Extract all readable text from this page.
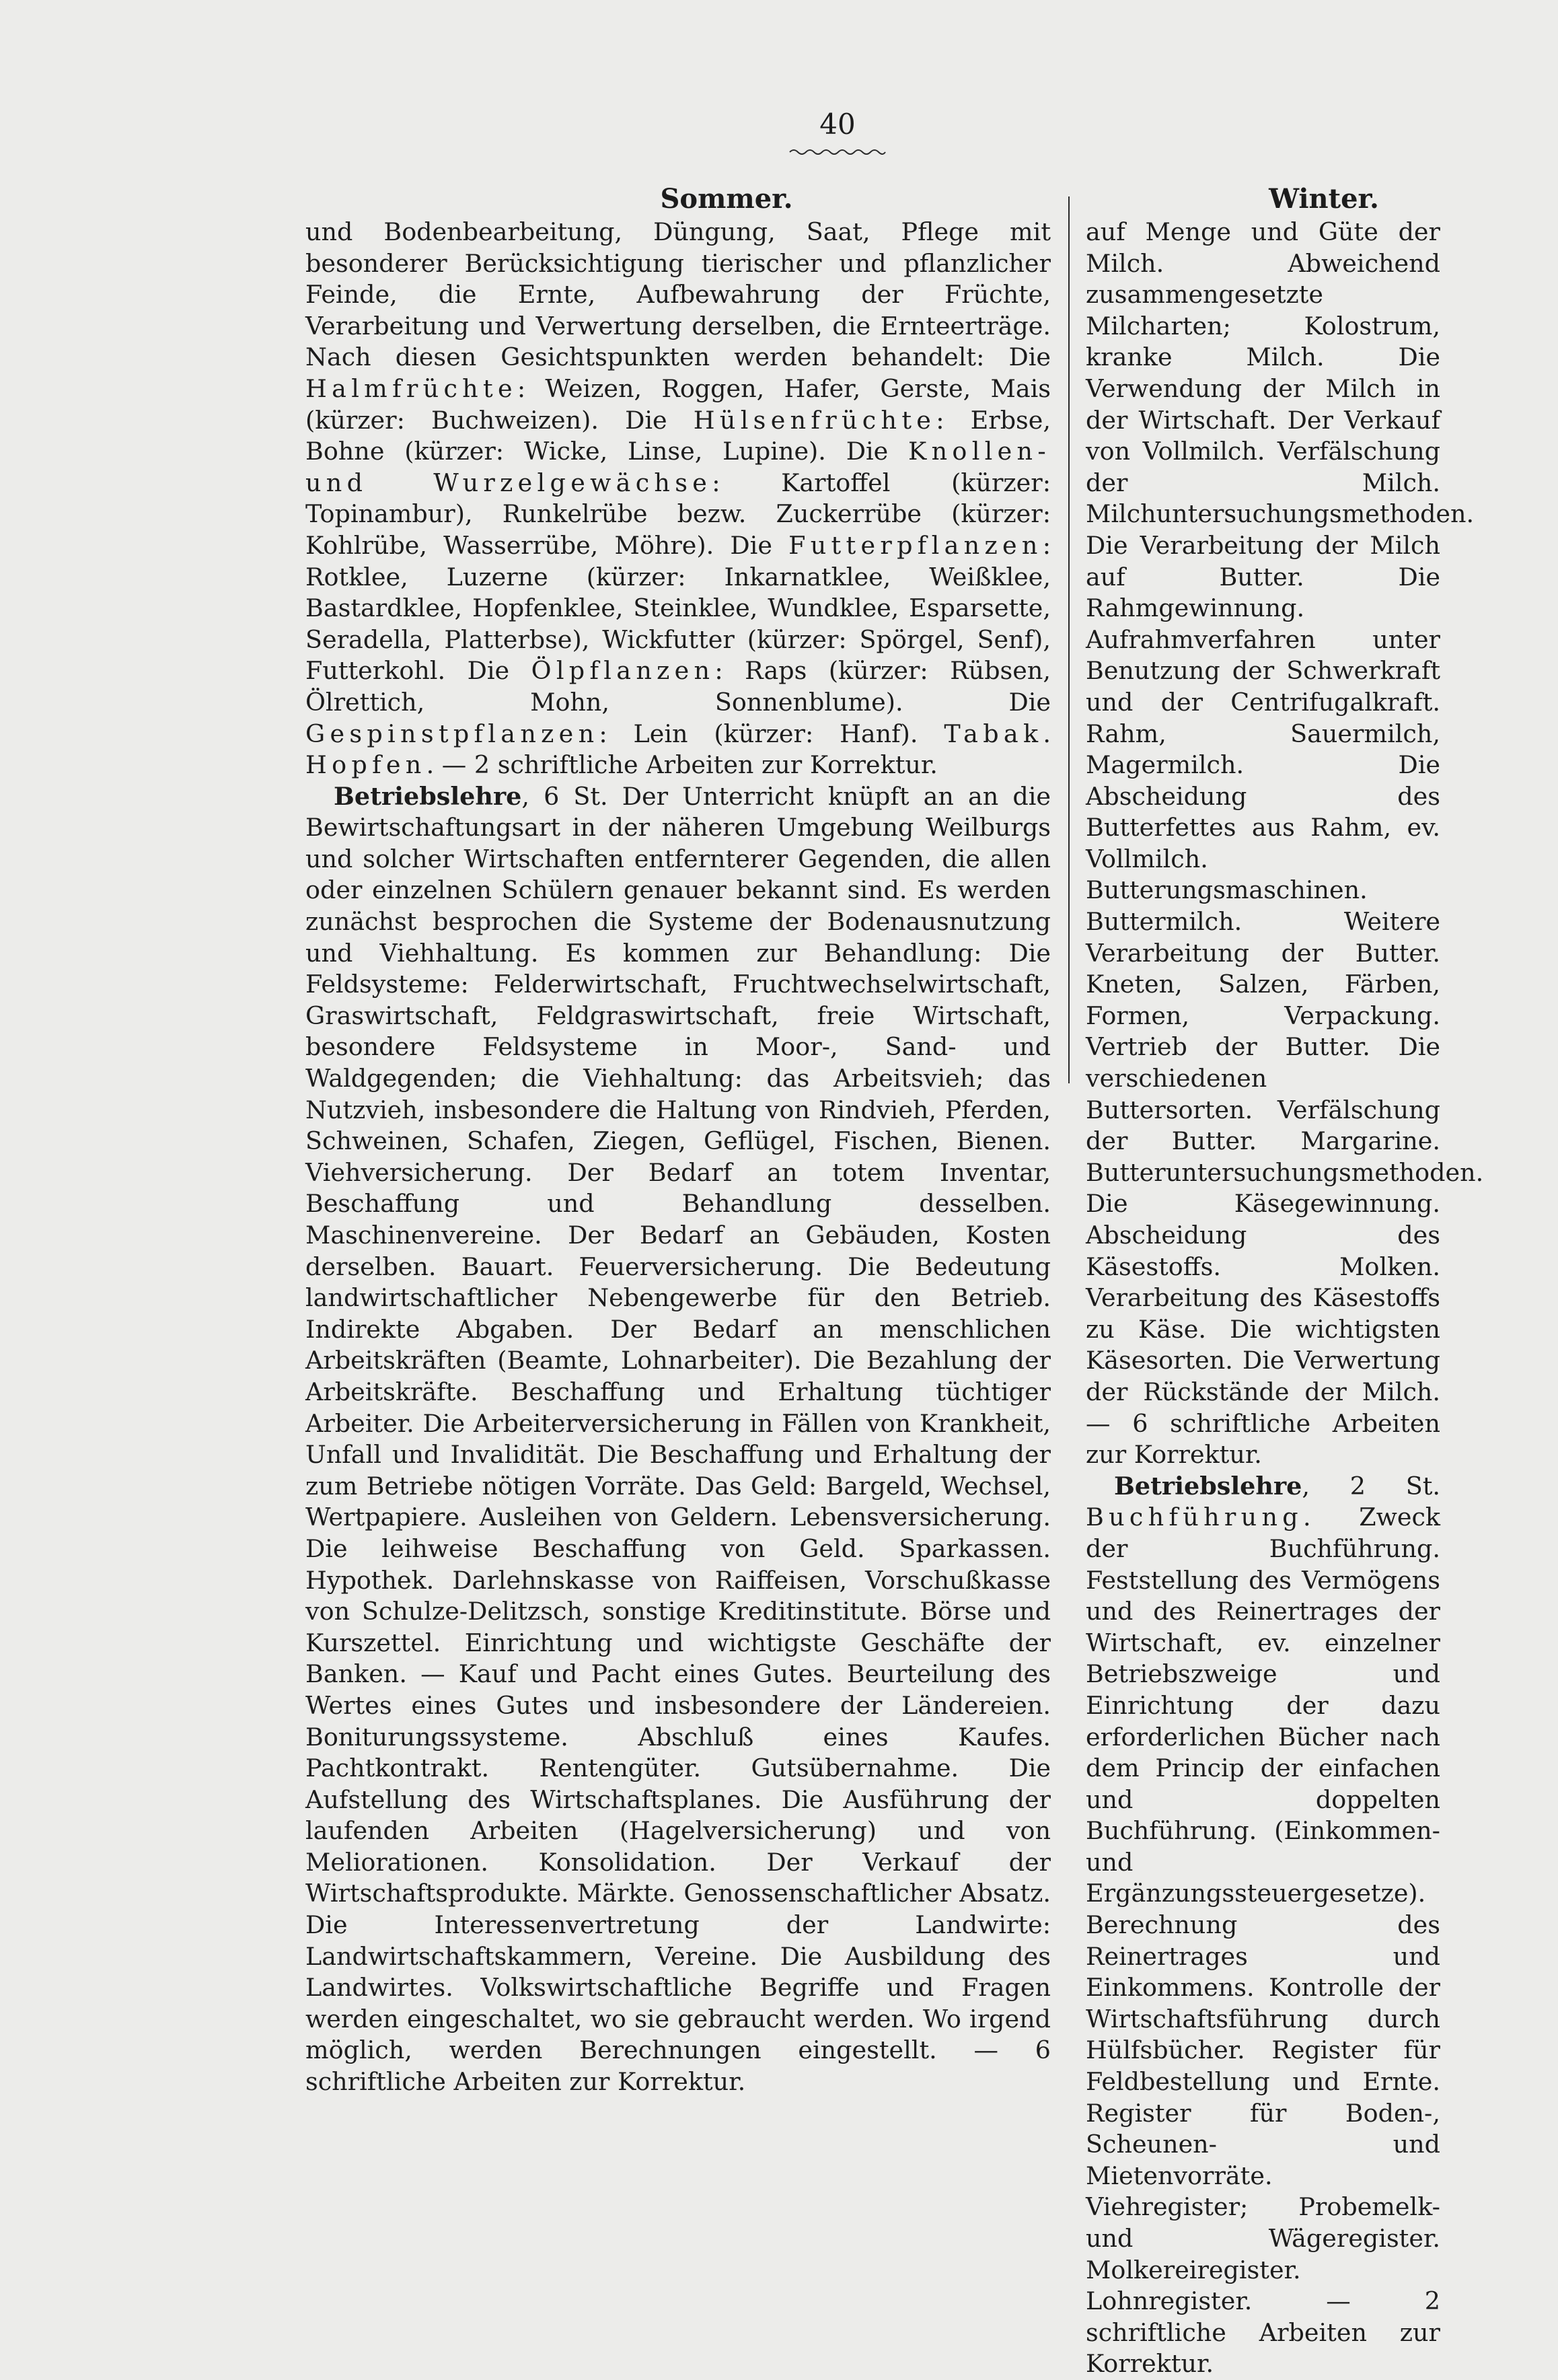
40
Sommer.	Winter.

und Bodenbearbeitung, Düngung, Saat, Pflege mit besonderer Berücksichtigung tierischer und pflanzlicher Feinde, die Ernte, Aufbewahrung der Früchte, Verarbeitung und Verwertung derselben, die Ernteerträge. Nach diesen Gesichtspunkten werden behandelt: Die Halmfrüchte: Weizen, Roggen, Hafer, Gerste, Mais (kürzer: Buchweizen). Die Hülsenfrüchte: Erbse, Bohne (kürzer: Wicke, Linse, Lupine). Die Knollen- und Wurzelgewächse: Kartoffel (kürzer: Topinambur), Runkelrübe bezw. Zuckerrübe (kürzer: Kohlrübe, Wasserrübe, Möhre). Die Futterpflanzen: Rotklee, Luzerne (kürzer: Inkarnatklee, Weißklee, Bastardklee, Hopfenklee, Steinklee, Wundklee, Esparsette, Seradella, Platterbse), Wickfutter (kürzer: Spörgel, Senf), Futterkohl. Die Ölpflanzen: Raps (kürzer: Rübsen, Ölrettich, Mohn, Sonnenblume). Die Gespinstpflanzen: Lein (kürzer: Hanf). Tabak. Hopfen. — 2 schriftliche Arbeiten zur Korrektur.

Betriebslehre, 6 St. Der Unterricht knüpft an an die Bewirtschaftungsart in der näheren Umgebung Weilburgs und solcher Wirtschaften entfernterer Gegenden, die allen oder einzelnen Schülern genauer bekannt sind. Es werden zunächst besprochen die Systeme der Bodenausnutzung und Viehhaltung. Es kommen zur Behandlung: Die Feldsysteme: Felderwirtschaft, Fruchtwechselwirtschaft, Graswirtschaft, Feldgraswirtschaft, freie Wirtschaft, besondere Feldsysteme in Moor-, Sand- und Waldgegenden; die Viehhaltung: das Arbeitsvieh; das Nutzvieh, insbesondere die Haltung von Rindvieh, Pferden, Schweinen, Schafen, Ziegen, Geflügel, Fischen, Bienen. Viehversicherung. Der Bedarf an totem Inventar, Beschaffung und Behandlung desselben. Maschinenvereine. Der Bedarf an Gebäuden, Kosten derselben. Bauart. Feuerversicherung. Die Bedeutung landwirtschaftlicher Nebengewerbe für den Betrieb. Indirekte Abgaben. Der Bedarf an menschlichen Arbeitskräften (Beamte, Lohnarbeiter). Die Bezahlung der Arbeitskräfte. Beschaffung und Erhaltung tüchtiger Arbeiter. Die Arbeiterversicherung in Fällen von Krankheit, Unfall und Invalidität. Die Beschaffung und Erhaltung der zum Betriebe nötigen Vorräte. Das Geld: Bargeld, Wechsel, Wertpapiere. Ausleihen von Geldern. Lebensversicherung. Die leihweise Beschaffung von Geld. Sparkassen. Hypothek. Darlehnskasse von Raiffeisen, Vorschußkasse von Schulze-Delitzsch, sonstige Kreditinstitute. Börse und Kurszettel. Einrichtung und wichtigste Geschäfte der Banken. — Kauf und Pacht eines Gutes. Beurteilung des Wertes eines Gutes und insbesondere der Ländereien. Boniturungssysteme. Abschluß eines Kaufes. Pachtkontrakt. Rentengüter. Gutsübernahme. Die Aufstellung des Wirtschaftsplanes. Die Ausführung der laufenden Arbeiten (Hagelversicherung) und von Meliorationen. Konsolidation. Der Verkauf der Wirtschaftsprodukte. Märkte. Genossenschaftlicher Absatz. Die Interessenvertretung der Landwirte: Landwirtschaftskammern, Vereine. Die Ausbildung des Landwirtes. Volkswirtschaftliche Begriffe und Fragen werden eingeschaltet, wo sie gebraucht werden. Wo irgend möglich, werden Berechnungen eingestellt. — 6 schriftliche Arbeiten zur Korrektur.

auf Menge und Güte der Milch. Abweichend zusammengesetzte Milcharten; Kolostrum, kranke Milch. Die Verwendung der Milch in der Wirtschaft. Der Verkauf von Vollmilch. Verfälschung der Milch. Milchuntersuchungsmethoden. Die Verarbeitung der Milch auf Butter. Die Rahmgewinnung. Aufrahmverfahren unter Benutzung der Schwerkraft und der Centrifugalkraft. Rahm, Sauermilch, Magermilch. Die Abscheidung des Butterfettes aus Rahm, ev. Vollmilch. Butterungsmaschinen. Buttermilch. Weitere Verarbeitung der Butter. Kneten, Salzen, Färben, Formen, Verpackung. Vertrieb der Butter. Die verschiedenen Buttersorten. Verfälschung der Butter. Margarine. Butteruntersuchungsmethoden. Die Käsegewinnung. Abscheidung des Käsestoffs. Molken. Verarbeitung des Käsestoffs zu Käse. Die wichtigsten Käsesorten. Die Verwertung der Rückstände der Milch. — 6 schriftliche Arbeiten zur Korrektur.

Betriebslehre, 2 St. Buchführung. Zweck der Buchführung. Feststellung des Vermögens und des Reinertrages der Wirtschaft, ev. einzelner Betriebszweige und Einrichtung der dazu erforderlichen Bücher nach dem Princip der einfachen und doppelten Buchführung. (Einkommen- und Ergänzungssteuergesetze). Berechnung des Reinertrages und Einkommens. Kontrolle der Wirtschaftsführung durch Hülfsbücher. Register für Feldbestellung und Ernte. Register für Boden-, Scheunen- und Mietenvorräte. Viehregister; Probemelk- und Wägeregister. Molkereiregister. Lohnregister. — 2 schriftliche Arbeiten zur Korrektur.
